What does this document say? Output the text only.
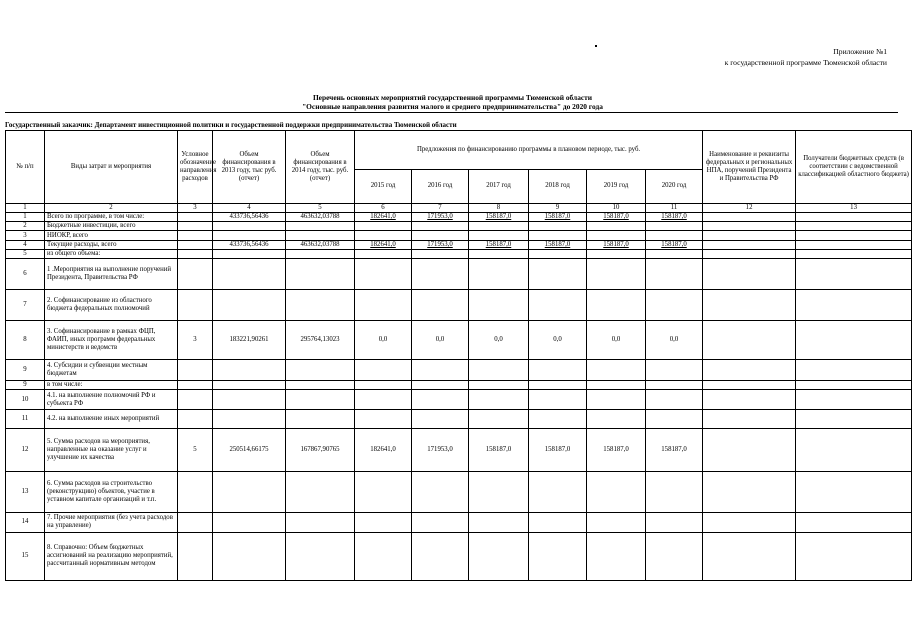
Приложение №1
к государственной программе Тюменской области
Перечень основных мероприятий государственной программы Тюменской области
"Основные направления развития малого и среднего предпринимательства" до 2020 года
Государственный заказчик: Департамент инвестиционной политики и государственной поддержки предпринимательства Тюменской области
№ п/п	Виды затрат и мероприятия	Условное обозначение направления расходов	Объем финансирования в 2013 году, тыс руб. (отчет)	Объем финансирования в 2014 году, тыс. руб. (отчет)	Предложения по финансированию программы в плановом периоде, тыс. руб.						Наименование и реквизиты федеральных и региональных НПА, поручений Президента и Правительства РФ	Получатели бюджетных средств (в соответствии с ведомственной классификацией областного бюджета)
					2015 год	2016 год	2017 год	2018 год	2019 год	2020 год		
1	2	3	4	5	6	7	8	9	10	11	12	13
1	Всего по программе, в том числе:		433736,56436	463632,03788	182641,0	171953,0	158187,0	158187,0	158187,0	158187,0		
2	Бюджетные инвестиции, всего											
3	НИОКР, всего											
4	Текущие расходы, всего		433736,56436	463632,03788	182641,0	171953,0	158187,0	158187,0	158187,0	158187,0		
5	из общего объема:											
6	1 .Мероприятия на выполнение поручений Президента, Правительства РФ											
7	2. Софинансирование из областного бюджета федеральных полномочий											
8	3. Софинансирование в рамках ФЦП, ФАИП, иных программ федеральных министерств и ведомств	3	183221,90261	295764,13023	0,0	0,0	0,0	0,0	0,0	0,0		
9	4. Субсидии и субвенции местным бюджетам											
9	в том числе:											
10	4.1. на выполнение полномочий РФ и субъекта РФ											
11	4.2. на выполнение иных мероприятий											
12	5. Сумма расходов на мероприятия, направленные на оказание услуг и улучшение их качества	5	250514,66175	167867,90765	182641,0	171953,0	158187,0	158187,0	158187,0	158187,0		
13	6. Сумма расходов на строительство (реконструкцию) объектов, участие в уставном капитале организаций и т.п.											
14	7. Прочие мероприятия (без учета расходов на управление)											
15	8. Справочно: Объем бюджетных ассигнований на реализацию мероприятий, рассчитанный нормативным методом											
